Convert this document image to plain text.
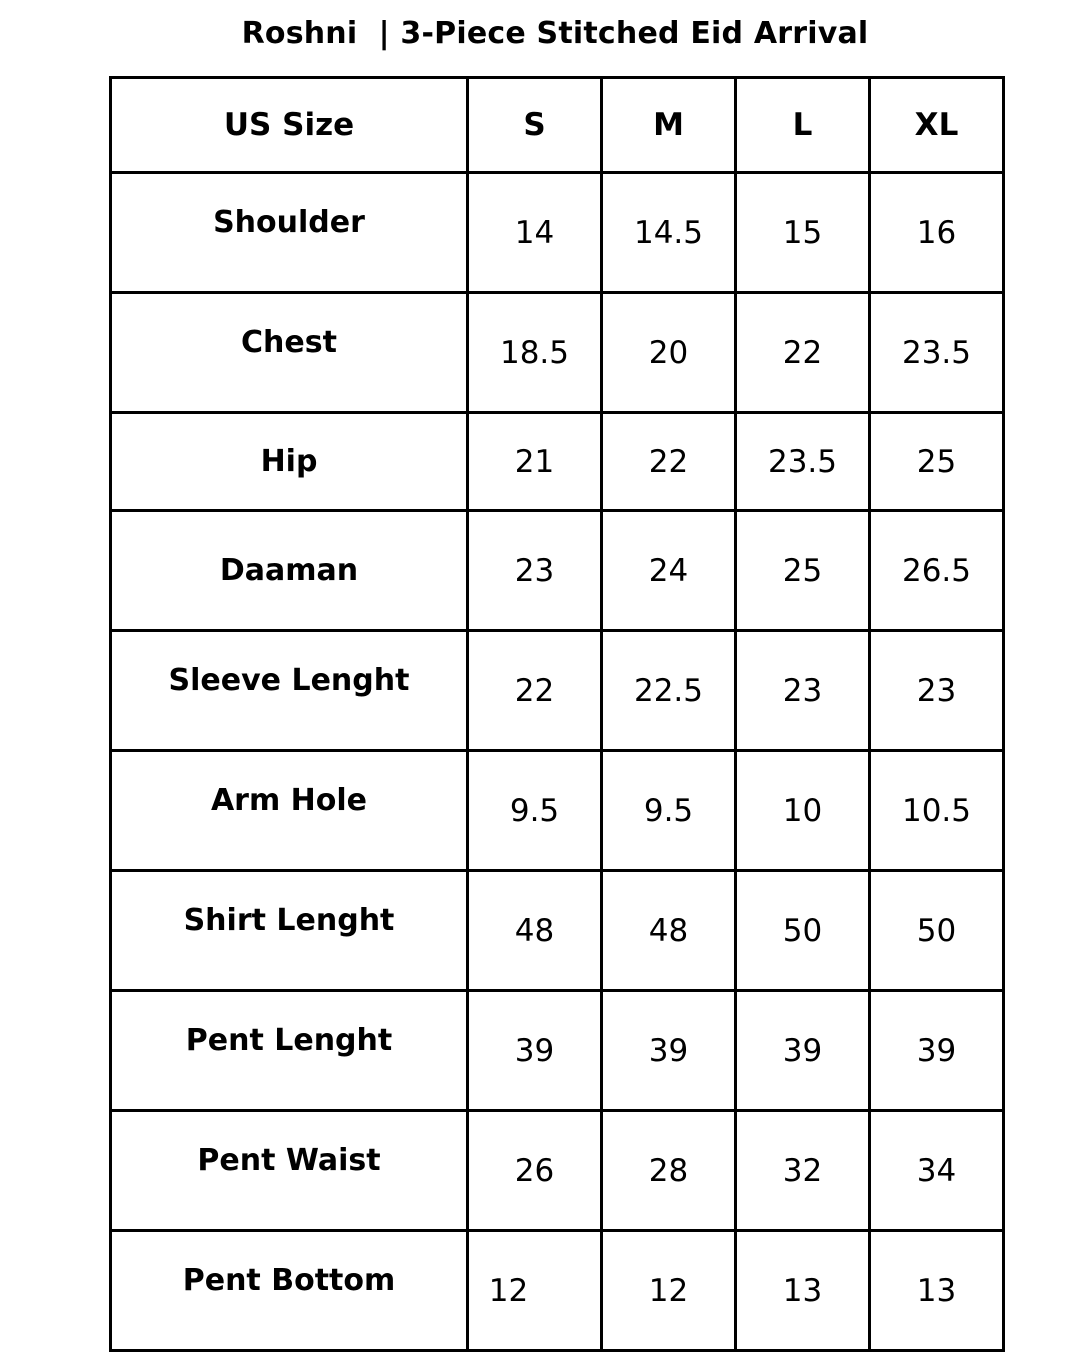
Roshni  | 3-Piece Stitched Eid Arrival
US Size	S	M	L	XL
Shoulder	14	14.5	15	16
Chest	18.5	20	22	23.5
Hip	21	22	23.5	25
Daaman	23	24	25	26.5
Sleeve Lenght	22	22.5	23	23
Arm Hole	9.5	9.5	10	10.5
Shirt Lenght	48	48	50	50
Pent Lenght	39	39	39	39
Pent Waist	26	28	32	34
Pent Bottom	12	12	13	13
